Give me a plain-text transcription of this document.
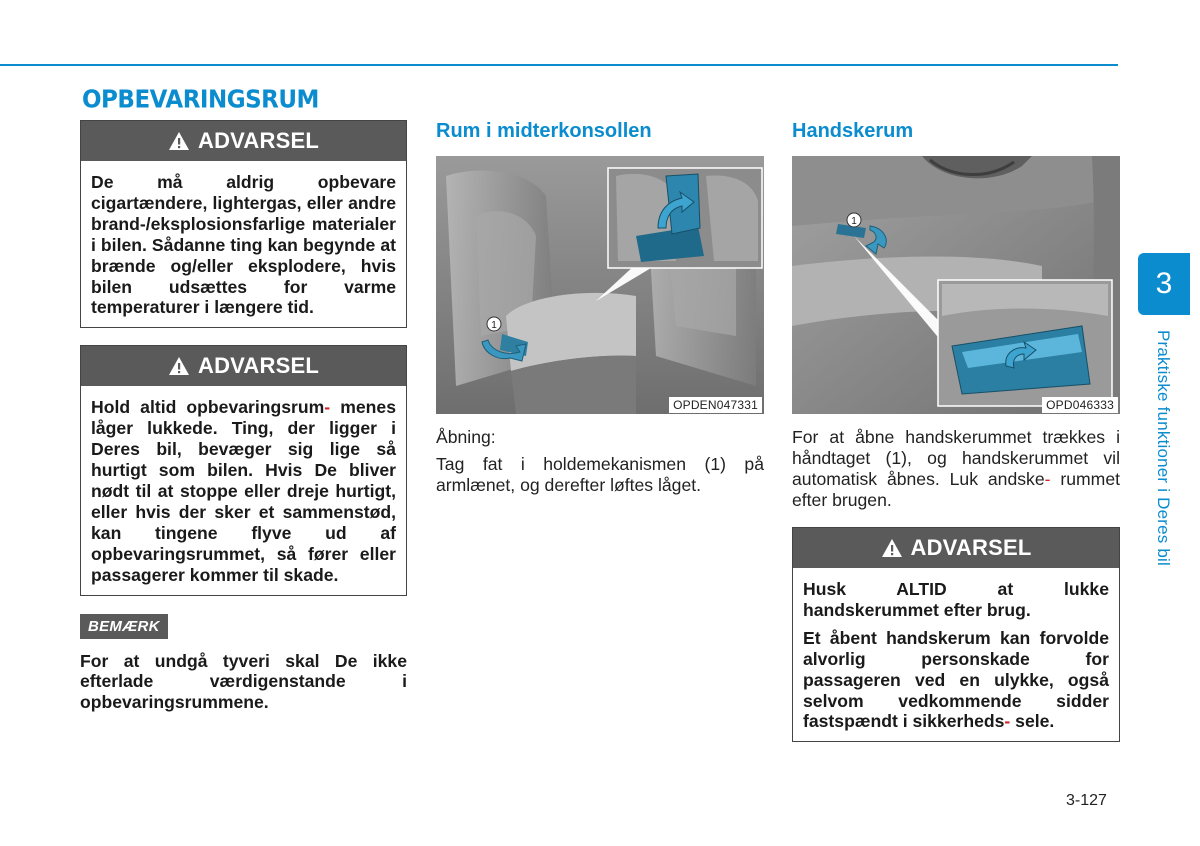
OPBEVARINGSRUM
ADVARSEL

De må aldrig opbevare cigartændere, lightergas, eller andre brand-/eksplosionsfarlige materialer i bilen. Sådanne ting kan begynde at brænde og/eller eksplodere, hvis bilen udsættes for varme temperaturer i længere tid.

ADVARSEL

Hold altid opbevaringsrum- menes låger lukkede. Ting, der ligger i Deres bil, bevæger sig lige så hurtigt som bilen. Hvis De bliver nødt til at stoppe eller dreje hurtigt, eller hvis der sker et sammenstød, kan tingene flyve ud af opbevaringsrummet, så fører eller passagerer kommer til skade.

BEMÆRK

For at undgå tyveri skal De ikke efterlade værdigenstande i opbevaringsrummene.

Rum i midterkonsollen
1
OPDEN047331

Åbning:

Tag fat i holdemekanismen (1) på armlænet, og derefter løftes låget.

Handskerum
1
OPD046333

For at åbne handskerummet trækkes i håndtaget (1), og handskerummet vil automatisk åbnes. Luk andske- rummet efter brugen.

ADVARSEL

Husk ALTID at lukke handskerummet efter brug.

Et åbent handskerum kan forvolde alvorlig personskade for passageren ved en ulykke, også selvom vedkommende sidder fastspændt i sikkerheds- sele.

3
Praktiske funktioner i Deres bil

3-127
